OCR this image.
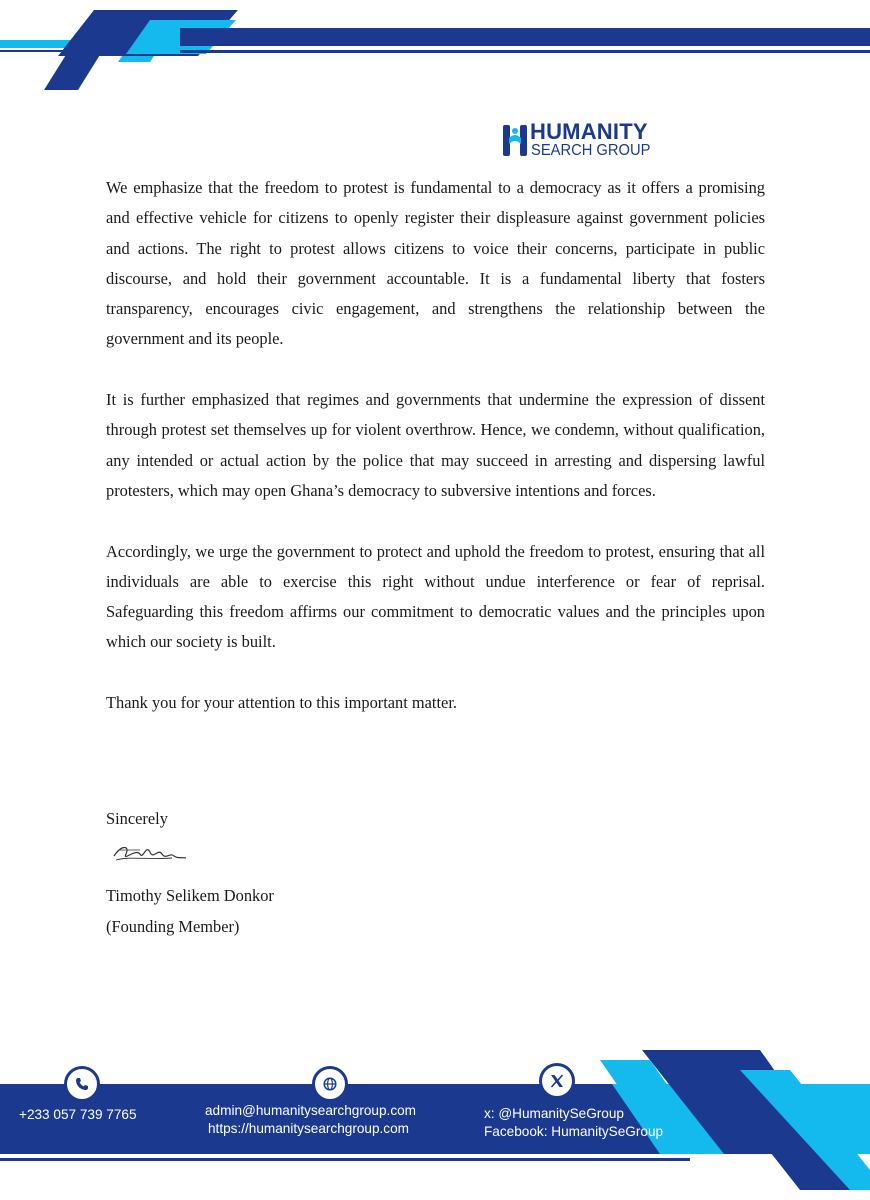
HUMANITY
SEARCH GROUP

We emphasize that the freedom to protest is fundamental to a democracy as it offers a promising and effective vehicle for citizens to openly register their displeasure against government policies and actions. The right to protest allows citizens to voice their concerns, participate in public discourse, and hold their government accountable. It is a fundamental liberty that fosters transparency, encourages civic engagement, and strengthens the relationship between the government and its people.

It is further emphasized that regimes and governments that undermine the expression of dissent through protest set themselves up for violent overthrow. Hence, we condemn, without qualification, any intended or actual action by the police that may succeed in arresting and dispersing lawful protesters, which may open Ghana’s democracy to subversive intentions and forces.

Accordingly, we urge the government to protect and uphold the freedom to protest, ensuring that all individuals are able to exercise this right without undue interference or fear of reprisal. Safeguarding this freedom affirms our commitment to democratic values and the principles upon which our society is built.

Thank you for your attention to this important matter.

Sincerely
Timothy Selikem Donkor
(Founding Member)
+233 057 739 7765	admin@humanitysearchgroup.com
https://humanitysearchgroup.com
x: @HumanitySeGroup
Facebook: HumanitySeGroup
